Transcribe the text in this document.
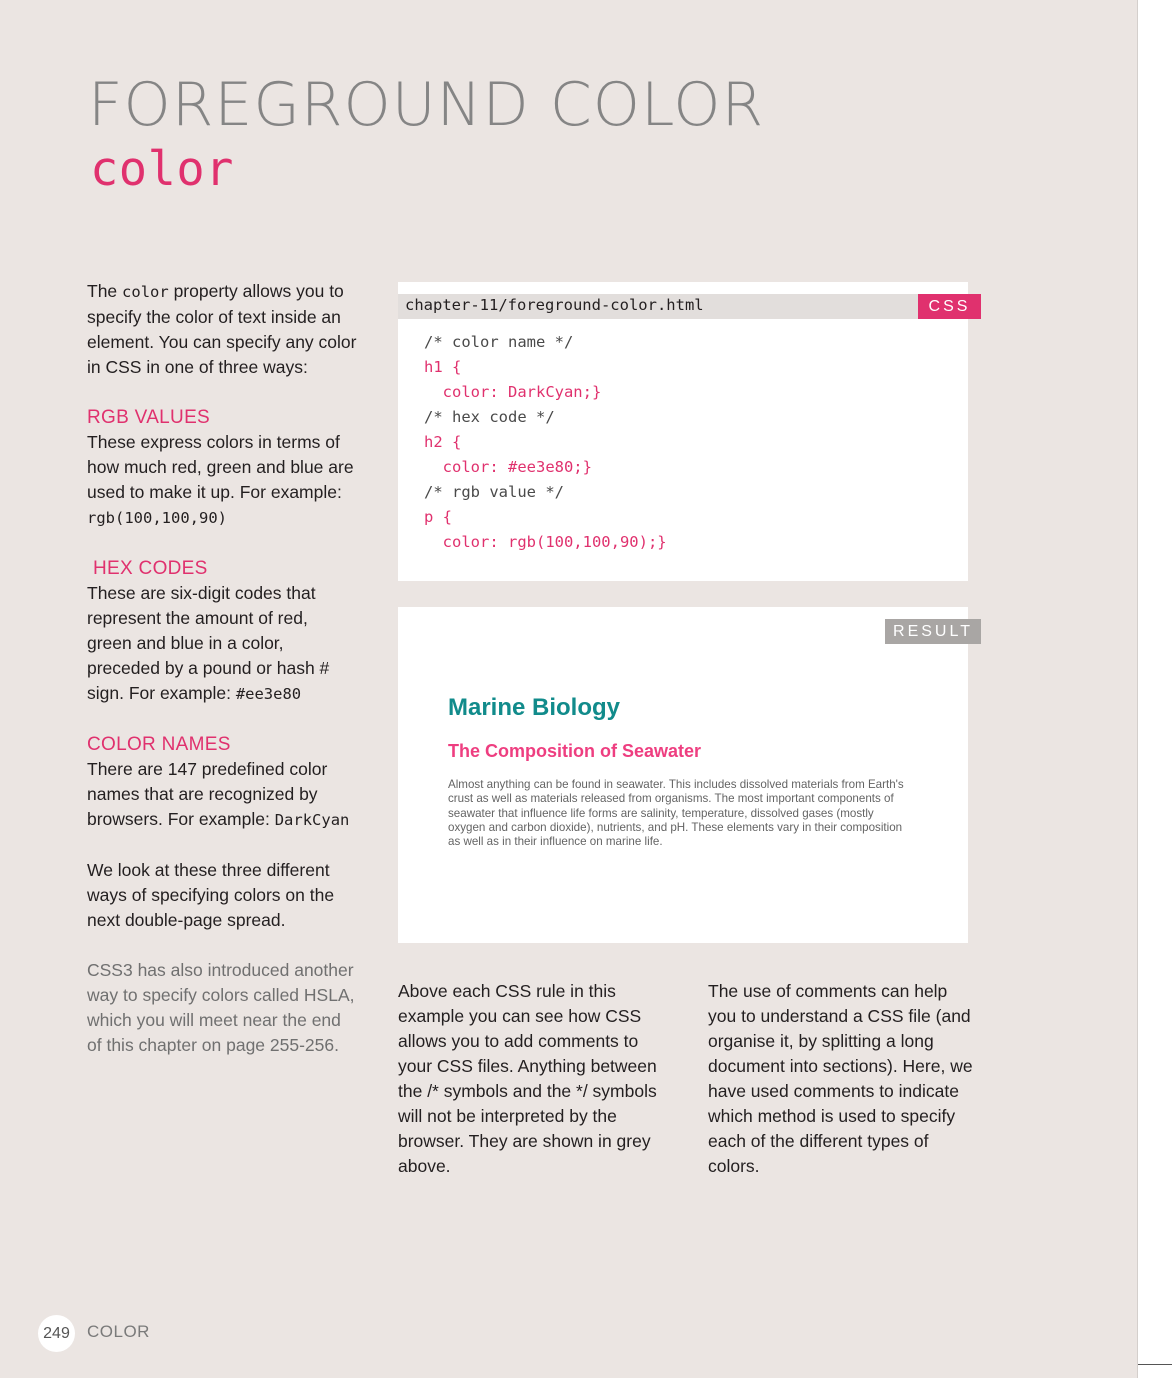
FOREGROUND COLOR
color

The color property allows you to specify the color of text inside an element. You can specify any color in CSS in one of three ways:

RGB VALUES

These express colors in terms of how much red, green and blue are used to make it up. For example: rgb(100,100,90)

HEX CODES

These are six-digit codes that represent the amount of red, green and blue in a color, preceded by a pound or hash # sign. For example: #ee3e80

COLOR NAMES

There are 147 predefined color names that are recognized by browsers. For example: DarkCyan

We look at these three different ways of specifying colors on the next double-page spread.

CSS3 has also introduced another way to specify colors called HSLA, which you will meet near the end of this chapter on page 255-256.

chapter-11/foreground-color.html	CSS
/* color name */
h1 {
color: DarkCyan;}
/* hex code */
h2 {
color: #ee3e80;}
/* rgb value */
p {
color: rgb(100,100,90);}
RESULT
Marine Biology
The Composition of Seawater

Almost anything can be found in seawater. This includes dissolved materials from Earth's crust as well as materials released from organisms. The most important components of seawater that influence life forms are salinity, temperature, dissolved gases (mostly oxygen and carbon dioxide), nutrients, and pH. These elements vary in their composition as well as in their influence on marine life.

Above each CSS rule in this example you can see how CSS allows you to add comments to your CSS files. Anything between the /* symbols and the */ symbols will not be interpreted by the browser. They are shown in grey above.

The use of comments can help you to understand a CSS file (and organise it, by splitting a long document into sections). Here, we have used comments to indicate which method is used to specify each of the different types of colors.

249	COLOR
